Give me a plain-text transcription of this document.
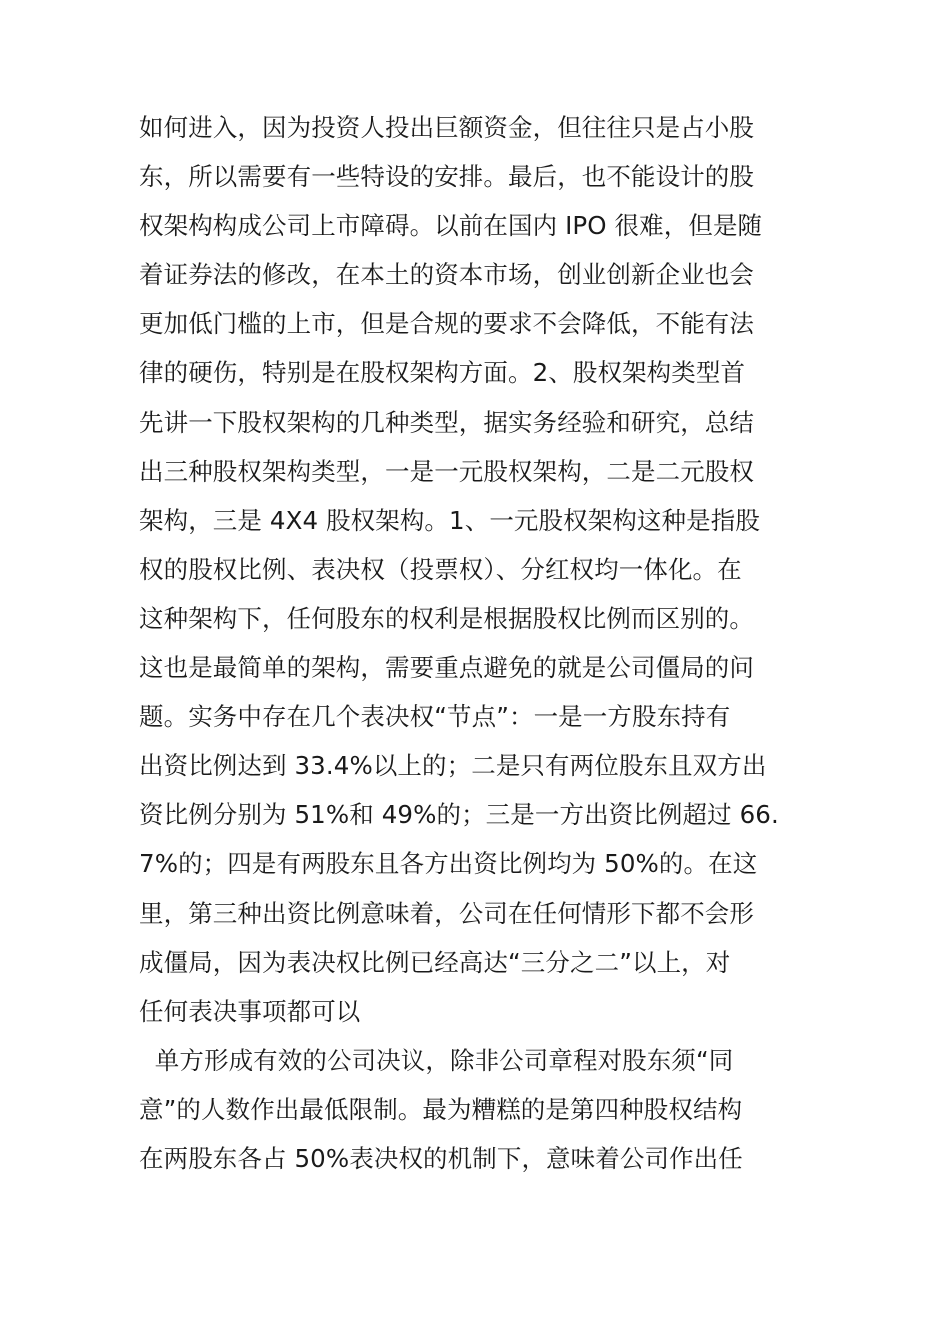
如何进入，因为投资人投出巨额资金，但往往只是占小股
东，所以需要有一些特设的安排。最后，也不能设计的股
权架构构成公司上市障碍。以前在国内 IPO 很难，但是随
着证券法的修改，在本土的资本市场，创业创新企业也会
更加低门槛的上市，但是合规的要求不会降低，不能有法
律的硬伤，特别是在股权架构方面。2、股权架构类型首
先讲一下股权架构的几种类型，据实务经验和研究，总结
出三种股权架构类型，一是一元股权架构，二是二元股权
架构，三是 4X4 股权架构。1、一元股权架构这种是指股
权的股权比例、表决权（投票权）、分红权均一体化。在
这种架构下，任何股东的权利是根据股权比例而区别的。
这也是最简单的架构，需要重点避免的就是公司僵局的问
题。实务中存在几个表决权“节点”：一是一方股东持有
出资比例达到 33.4%以上的；二是只有两位股东且双方出
资比例分别为 51%和 49%的；三是一方出资比例超过 66.
7%的；四是有两股东且各方出资比例均为 50%的。在这
里，第三种出资比例意味着，公司在任何情形下都不会形
成僵局，因为表决权比例已经高达“三分之二”以上，对
任何表决事项都可以
单方形成有效的公司决议，除非公司章程对股东须“同
意”的人数作出最低限制。最为糟糕的是第四种股权结构
在两股东各占 50%表决权的机制下，意味着公司作出任
